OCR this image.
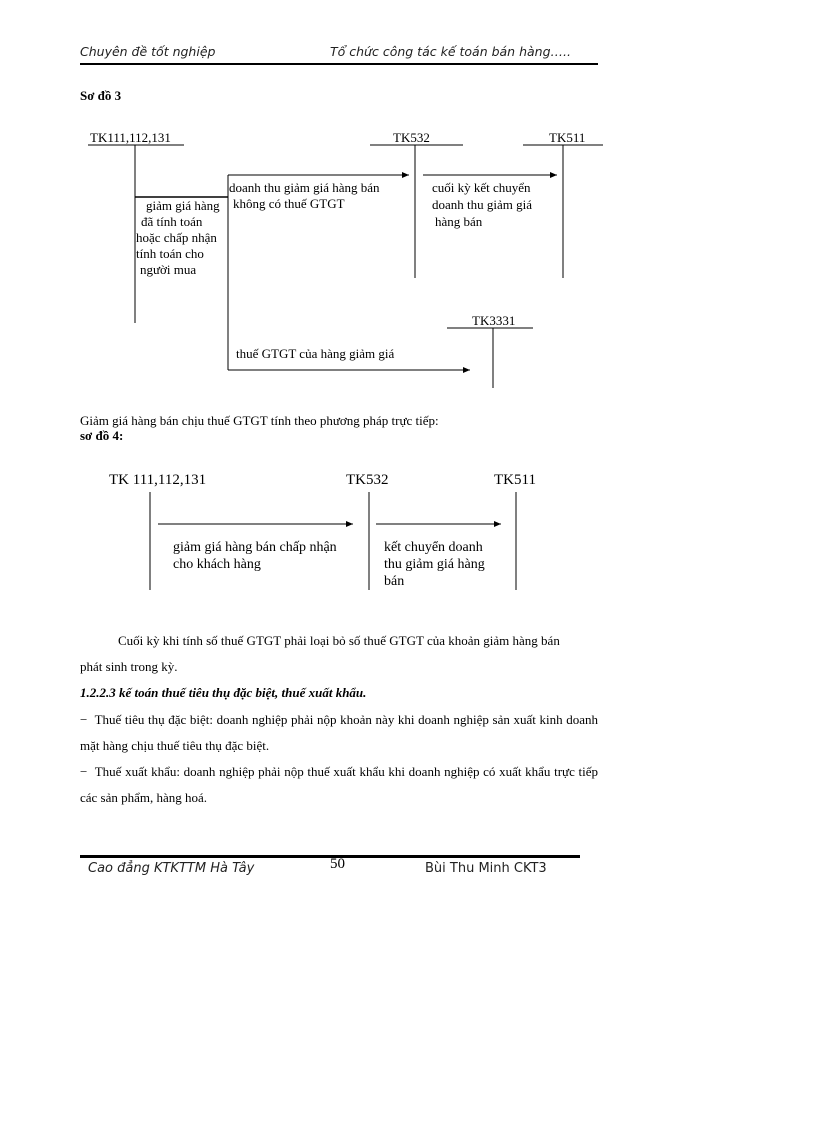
Chuyên đề tốt nghiệp	Tổ chức công tác kế toán bán hàng…..
Sơ đồ 3
TK111,112,131	TK532	TK511
TK3331
giảm giá hàng
đã tính toán
hoặc chấp nhận
tính toán cho
người mua
doanh thu giảm giá hàng bán
không có thuế GTGT
cuối kỳ kết chuyển
doanh thu giảm giá
hàng bán
thuế GTGT của hàng giảm giá
Giảm giá hàng bán chịu thuế GTGT tính theo phương pháp trực tiếp:
sơ đồ 4:
TK 111,112,131	TK532	TK511
giảm giá hàng bán chấp nhận
cho khách hàng
kết chuyển doanh
thu giảm giá hàng
bán
Cuối kỳ khi tính số thuế GTGT phải loại bỏ số thuế GTGT của khoản giảm hàng bán
phát sinh trong kỳ.
1.2.2.3 kế toán thuế tiêu thụ đặc biệt, thuế xuất khẩu.
− Thuế tiêu thụ đặc biệt: doanh nghiệp phải nộp khoản này khi doanh nghiệp sản xuất kinh doanh mặt hàng chịu thuế tiêu thụ đặc biệt.
− Thuế xuất khẩu: doanh nghiệp phải nộp thuế xuất khẩu khi doanh nghiệp có xuất khẩu trực tiếp các sản phẩm, hàng hoá.
Cao đẳng KTKTTM Hà Tây	50	Bùi Thu Minh CKT3
